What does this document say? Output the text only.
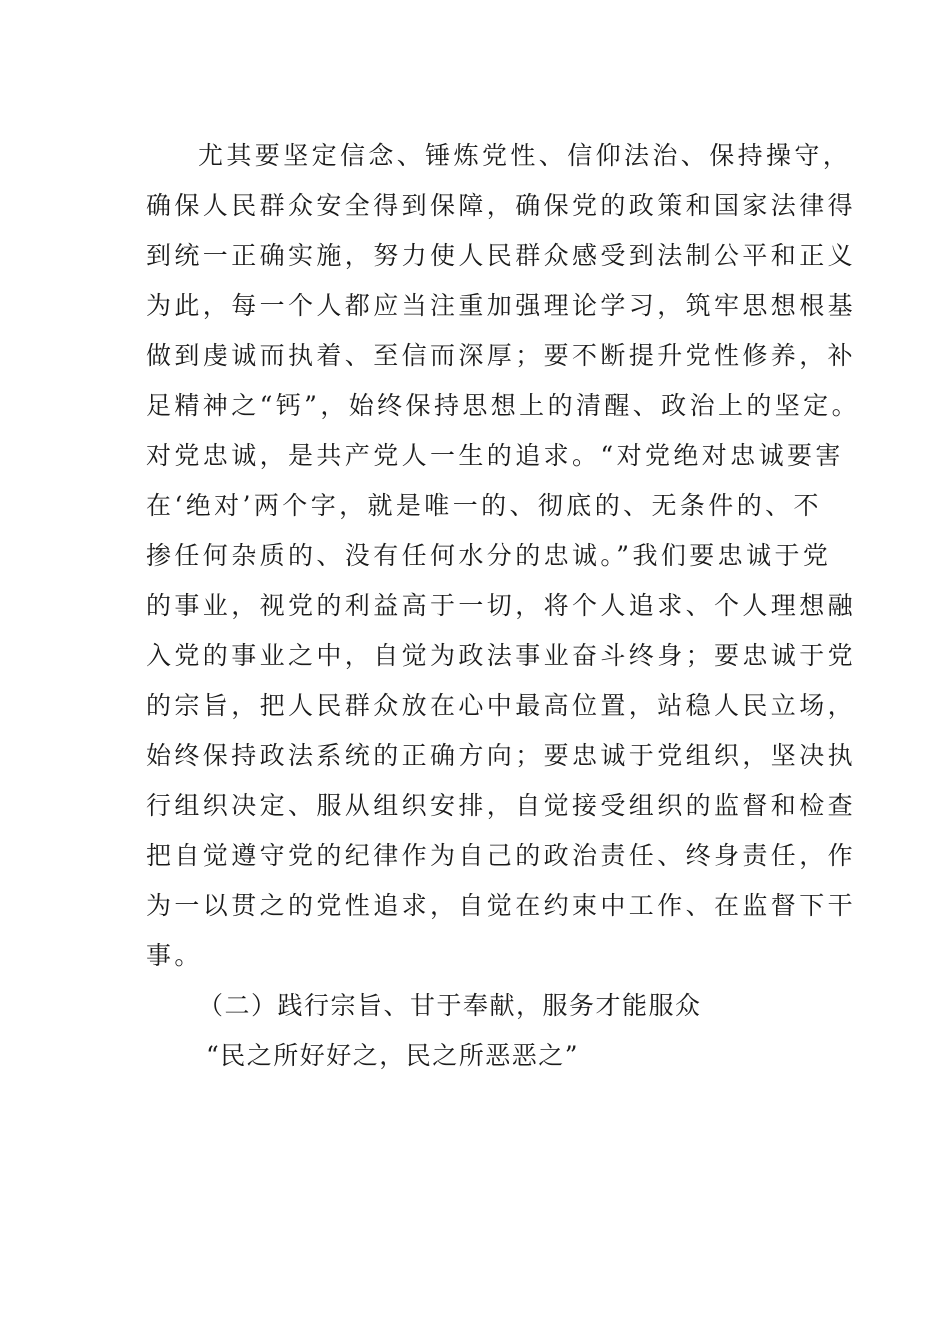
尤其要坚定信念、锤炼党性、信仰法治、保持操守，
确保人民群众安全得到保障，确保党的政策和国家法律得
到统一正确实施，努力使人民群众感受到法制公平和正义
为此，每一个人都应当注重加强理论学习，筑牢思想根基
做到虔诚而执着、至信而深厚；要不断提升党性修养，补
足精神之“钙”，始终保持思想上的清醒、政治上的坚定。
对党忠诚，是共产党人一生的追求。“对党绝对忠诚要害
在‘绝对’两个字，就是唯一的、彻底的、无条件的、不
掺任何杂质的、没有任何水分的忠诚。”我们要忠诚于党
的事业，视党的利益高于一切，将个人追求、个人理想融
入党的事业之中，自觉为政法事业奋斗终身；要忠诚于党
的宗旨，把人民群众放在心中最高位置，站稳人民立场，
始终保持政法系统的正确方向；要忠诚于党组织，坚决执
行组织决定、服从组织安排，自觉接受组织的监督和检查
把自觉遵守党的纪律作为自己的政治责任、终身责任，作
为一以贯之的党性追求，自觉在约束中工作、在监督下干
事。
（二）践行宗旨、甘于奉献，服务才能服众
“民之所好好之，民之所恶恶之”
